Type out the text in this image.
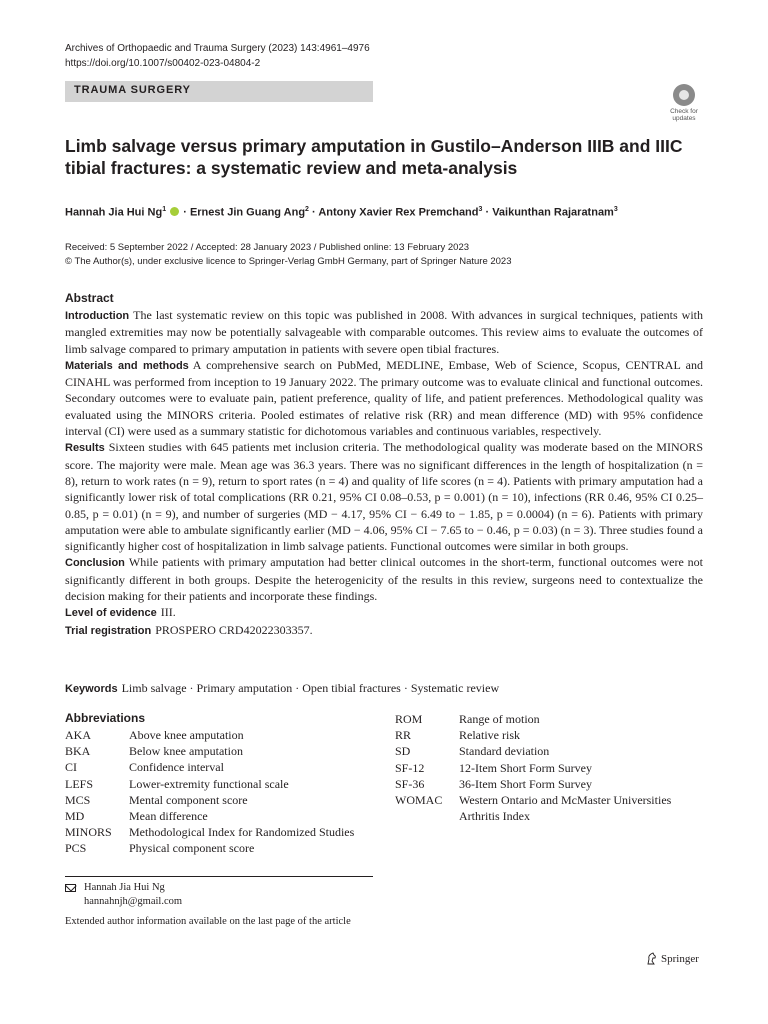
Archives of Orthopaedic and Trauma Surgery (2023) 143:4961–4976
https://doi.org/10.1007/s00402-023-04804-2
TRAUMA SURGERY
Check for
updates
Limb salvage versus primary amputation in Gustilo–Anderson IIIB and IIIC tibial fractures: a systematic review and meta-analysis
Hannah Jia Hui Ng$^1$  · Ernest Jin Guang Ang$^2$ · Antony Xavier Rex Premchand$^3$ · Vaikunthan Rajaratnam$^3$
Received: 5 September 2022 / Accepted: 28 January 2023 / Published online: 13 February 2023
© The Author(s), under exclusive licence to Springer-Verlag GmbH Germany, part of Springer Nature 2023
Abstract

Introduction The last systematic review on this topic was published in 2008. With advances in surgical techniques, patients with mangled extremities may now be potentially salvageable with comparable outcomes. This review aims to evaluate the outcomes of limb salvage compared to primary amputation in patients with severe open tibial fractures.

Materials and methods A comprehensive search on PubMed, MEDLINE, Embase, Web of Science, Scopus, CENTRAL and CINAHL was performed from inception to 19 January 2022. The primary outcome was to evaluate clinical and functional outcomes. Secondary outcomes were to evaluate pain, patient preference, quality of life, and patient preferences. Methodological quality was evaluated using the MINORS criteria. Pooled estimates of relative risk (RR) and mean difference (MD) with 95% confidence interval (CI) were used as a summary statistic for dichotomous variables and continuous variables, respectively.

Results Sixteen studies with 645 patients met inclusion criteria. The methodological quality was moderate based on the MINORS score. The majority were male. Mean age was 36.3 years. There was no significant differences in the length of hospitalization (n = 8), return to work rates (n = 9), return to sport rates (n = 4) and quality of life scores (n = 4). Patients with primary amputation had a significantly lower risk of total complications (RR 0.21, 95% CI 0.08–0.53, p = 0.001) (n = 10), infections (RR 0.46, 95% CI 0.25–0.85, p = 0.01) (n = 9), and number of surgeries (MD − 4.17, 95% CI − 6.49 to − 1.85, p = 0.0004) (n = 6). Patients with primary amputation were able to ambulate significantly earlier (MD − 4.06, 95% CI − 7.65 to − 0.46, p = 0.03) (n = 3). Three studies found a significantly higher cost of hospitalization in limb salvage patients. Functional outcomes were similar in both groups.

Conclusion While patients with primary amputation had better clinical outcomes in the short-term, functional outcomes were not significantly different in both groups. Despite the heterogenicity of the results in this review, surgeons need to contextualize the decision making for their patients and incorporate these findings.

Level of evidence III.

Trial registration PROSPERO CRD42022303357.

Keywords Limb salvage · Primary amputation · Open tibial fractures · Systematic review
Abbreviations
AKA	Above knee amputation
BKA	Below knee amputation
CI	Confidence interval
LEFS	Lower-extremity functional scale
MCS	Mental component score
MD	Mean difference
MINORS Methodological Index for Randomized Studies
PCS	Physical component score
ROM	Range of motion
RR	Relative risk
SD	Standard deviation
SF-12	12-Item Short Form Survey
SF-36	36-Item Short Form Survey
WOMAC Western Ontario and McMaster Universities
Arthritis Index
Hannah Jia Hui Ng
hannahnjh@gmail.com
Extended author information available on the last page of the article
Springer
